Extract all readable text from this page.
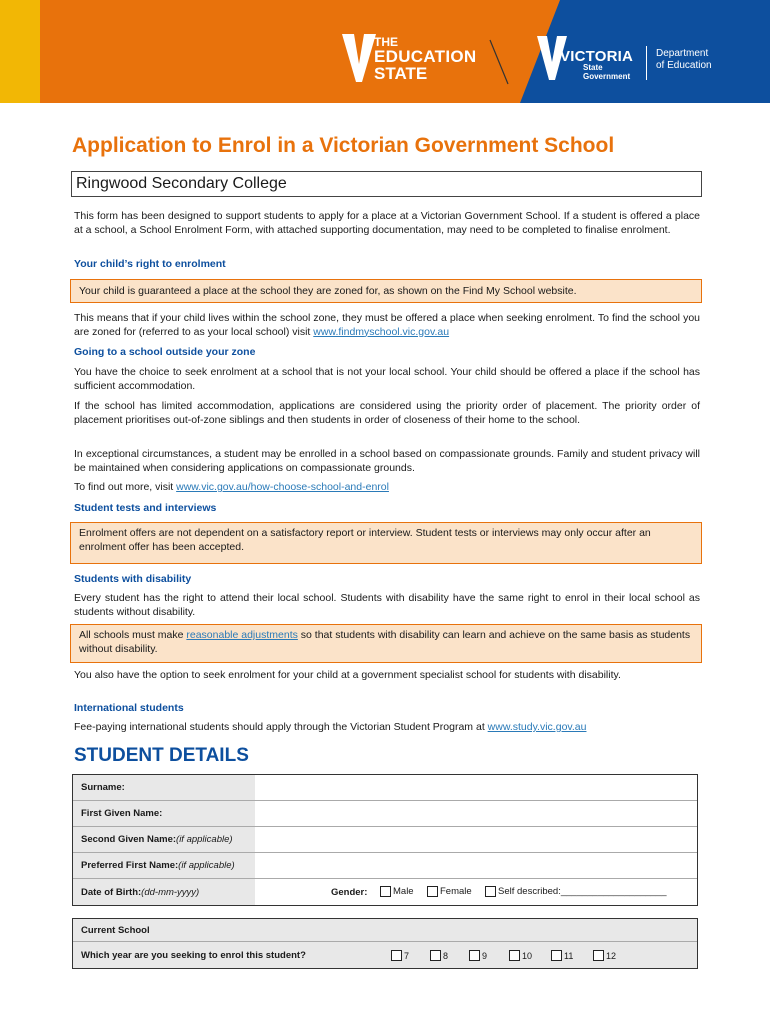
THE
EDUCATION
STATE
VICTORIA
State
Government
Department
of Education
Application to Enrol in a Victorian Government School
Ringwood Secondary College
This form has been designed to support students to apply for a place at a Victorian Government School. If a student is offered a place at a school, a School Enrolment Form, with attached supporting documentation, may need to be completed to finalise enrolment.
Your child’s right to enrolment
Your child is guaranteed a place at the school they are zoned for, as shown on the Find My School website.
This means that if your child lives within the school zone, they must be offered a place when seeking enrolment. To find the school you are zoned for (referred to as your local school) visit www.findmyschool.vic.gov.au
Going to a school outside your zone
You have the choice to seek enrolment at a school that is not your local school. Your child should be offered a place if the school has sufficient accommodation.
If the school has limited accommodation, applications are considered using the priority order of placement. The priority order of placement prioritises out-of-zone siblings and then students in order of closeness of their home to the school.
In exceptional circumstances, a student may be enrolled in a school based on compassionate grounds. Family and student privacy will be maintained when considering applications on compassionate grounds.
To find out more, visit www.vic.gov.au/how-choose-school-and-enrol
Student tests and interviews
Enrolment offers are not dependent on a satisfactory report or interview. Student tests or interviews may only occur after an enrolment offer has been accepted.
Students with disability
Every student has the right to attend their local school. Students with disability have the same right to enrol in their local school as students without disability.
All schools must make reasonable adjustments so that students with disability can learn and achieve on the same basis as students without disability.
You also have the option to seek enrolment for your child at a government specialist school for students with disability.
International students
Fee-paying international students should apply through the Victorian Student Program at www.study.vic.gov.au
STUDENT DETAILS
Surname:
First Given Name:
Second Given Name: (if applicable)
Preferred First Name: (if applicable)
Date of Birth: (dd-mm-yyyy)	Gender:	Male	Female	Self described: ____________________
Current School
Which year are you seeking to enrol this student?	7	8	9	10	11	12
